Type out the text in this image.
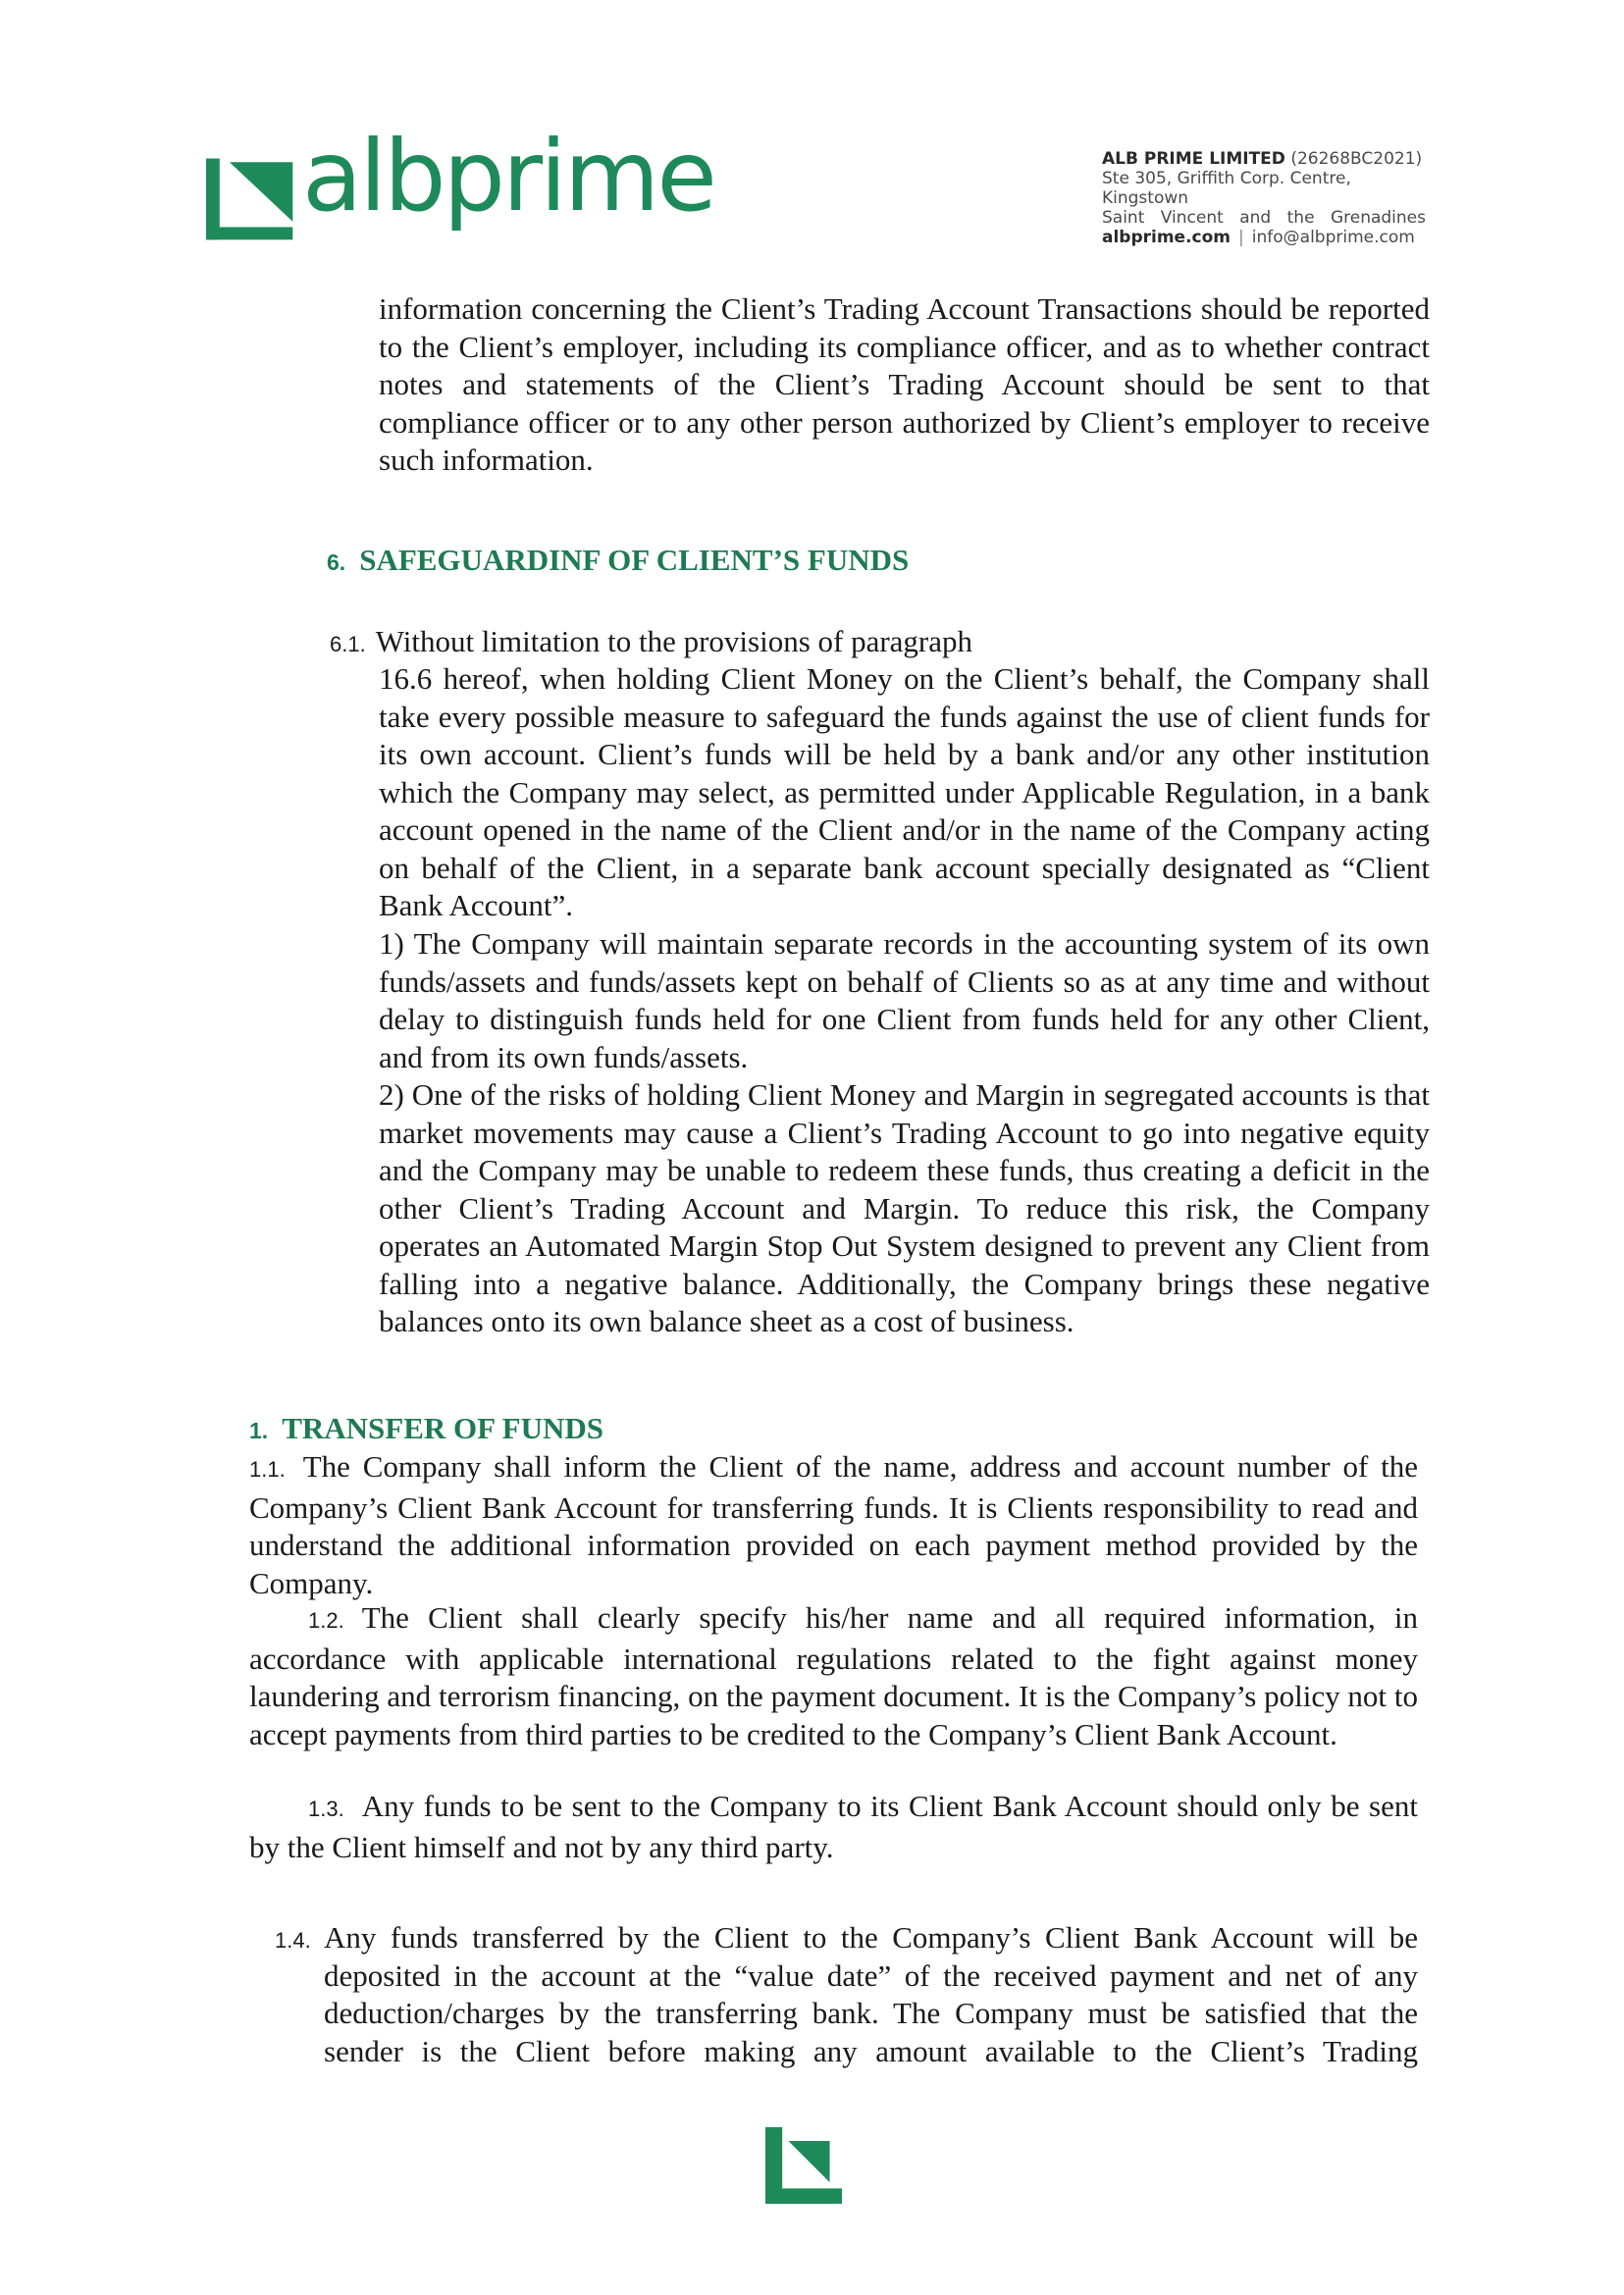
albprime	ALB PRIME LIMITED (26268BC2021)
Ste 305, Griffith Corp. Centre, Kingstown
Saint Vincent and the Grenadines
albprime.com | info@albprime.com

information concerning the Client’s Trading Account Transactions should be reported to the Client’s employer, including its compliance officer, and as to whether contract notes and statements of the Client’s Trading Account should be sent to that compliance officer or to any other person authorized by Client’s employer to receive such information.

6. SAFEGUARDINF OF CLIENT’S FUNDS
6.1. Without limitation to the provisions of paragraph

16.6 hereof, when holding Client Money on the Client’s behalf, the Company shall take every possible measure to safeguard the funds against the use of client funds for its own account. Client’s funds will be held by a bank and/or any other institution which the Company may select, as permitted under Applicable Regulation, in a bank account opened in the name of the Client and/or in the name of the Company acting on behalf of the Client, in a separate bank account specially designated as “Client Bank Account”.

1) The Company will maintain separate records in the accounting system of its own funds/assets and funds/assets kept on behalf of Clients so as at any time and without delay to distinguish funds held for one Client from funds held for any other Client, and from its own funds/assets.

2) One of the risks of holding Client Money and Margin in segregated accounts is that market movements may cause a Client’s Trading Account to go into negative equity and the Company may be unable to redeem these funds, thus creating a deficit in the other Client’s Trading Account and Margin. To reduce this risk, the Company operates an Automated Margin Stop Out System designed to prevent any Client from falling into a negative balance. Additionally, the Company brings these negative balances onto its own balance sheet as a cost of business.

1. TRANSFER OF FUNDS

1.1. The Company shall inform the Client of the name, address and account number of the Company’s Client Bank Account for transferring funds. It is Clients responsibility to read and understand the additional information provided on each payment method provided by the Company.

1.2. The Client shall clearly specify his/her name and all required information, in accordance with applicable international regulations related to the fight against money laundering and terrorism financing, on the payment document. It is the Company’s policy not to accept payments from third parties to be credited to the Company’s Client Bank Account.

1.3. Any funds to be sent to the Company to its Client Bank Account should only be sent by the Client himself and not by any third party.

1.4. Any funds transferred by the Client to the Company’s Client Bank Account will be deposited in the account at the “value date” of the received payment and net of any deduction/charges by the transferring bank. The Company must be satisfied that the sender is the Client before making any amount available to the Client’s Trading
